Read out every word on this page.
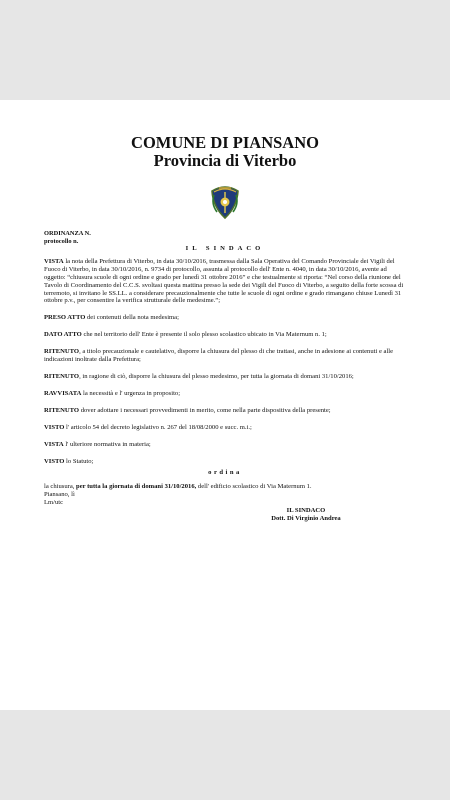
COMUNE DI PIANSANO
Provincia di Viterbo
ORDINANZA N.
protocollo n.
IL SINDACO

VISTA la nota della Prefettura di Viterbo, in data 30/10/2016, trasmessa dalla Sala Operativa del Comando Provinciale dei Vigili del Fuoco di Viterbo, in data 30/10/2016, n. 9734 di protocollo, assunta al protocollo dell' Ente n. 4040, in data 30/10/2016, avente ad oggetto: “chiusura scuole di ogni ordine e grado per lunedì 31 ottobre 2016” e che testualmente si riporta: “Nel corso della riunione del Tavolo di Coordinamento del C.C.S. svoltasi questa mattina presso la sede dei Vigili del Fuoco di Viterbo, a seguito della forte scossa di terremoto, si invitano le SS.LL. a considerare precauzionalmente che tutte le scuole di ogni ordine e grado rimangano chiuse Lunedì 31 ottobre p.v., per consentire la verifica strutturale delle medesime.”;

PRESO ATTO dei contenuti della nota medesima;

DATO ATTO che nel territorio dell' Ente è presente il solo plesso scolastico ubicato in Via Maternum n. 1;

RITENUTO, a titolo precauzionale e cautelativo, disporre la chiusura del plesso di che trattasi, anche in adesione ai contenuti e alle indicazioni inoltrate dalla Prefettura;

RITENUTO, in ragione di ciò, disporre la chiusura del plesso medesimo, per tutta la giornata di domani 31/10/2016;

RAVVISATA la necessità e l' urgenza in proposito;

RITENUTO dover adottare i necessari provvedimenti in merito, come nella parte dispositiva della presente;

VISTO l' articolo 54 del decreto legislativo n. 267 del 18/08/2000 e succ. m.i.;

VISTA l' ulteriore normativa in materia;

VISTO lo Statuto;

ordina
la chiusura, per tutta la giornata di domani 31/10/2016, dell' edificio scolastico di Via Maternum 1.
Piansano, lì
Lm/utc
IL SINDACO
Dott. Di Virginio Andrea
